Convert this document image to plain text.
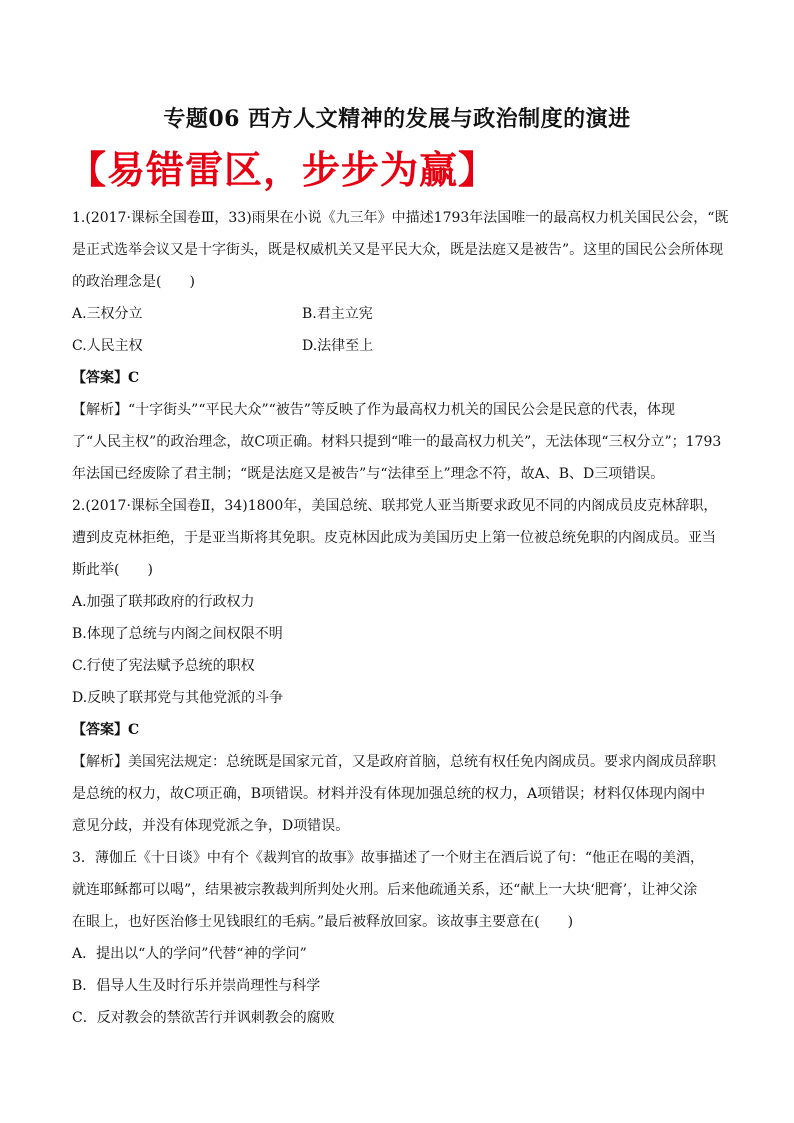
专题06 西方人文精神的发展与政治制度的演进
【易错雷区，步步为赢】
1.(2017·课标全国卷Ⅲ，33)雨果在小说《九三年》中描述1793年法国唯一的最高权力机关国民公会，“既
是正式选举会议又是十字街头，既是权威机关又是平民大众，既是法庭又是被告”。这里的国民公会所体现
的政治理念是(　　)
A.三权分立	B.君主立宪
C.人民主权	D.法律至上
【答案】C
【解析】“十字街头”“平民大众”“被告”等反映了作为最高权力机关的国民公会是民意的代表，体现
了“人民主权”的政治理念，故C项正确。材料只提到“唯一的最高权力机关”，无法体现“三权分立”；1793
年法国已经废除了君主制；“既是法庭又是被告”与“法律至上”理念不符，故A、B、D三项错误。
2.(2017·课标全国卷Ⅱ，34)1800年，美国总统、联邦党人亚当斯要求政见不同的内阁成员皮克林辞职，
遭到皮克林拒绝，于是亚当斯将其免职。皮克林因此成为美国历史上第一位被总统免职的内阁成员。亚当
斯此举(　　)
A.加强了联邦政府的行政权力
B.体现了总统与内阁之间权限不明
C.行使了宪法赋予总统的职权
D.反映了联邦党与其他党派的斗争
【答案】C
【解析】美国宪法规定：总统既是国家元首，又是政府首脑，总统有权任免内阁成员。要求内阁成员辞职
是总统的权力，故C项正确，B项错误。材料并没有体现加强总统的权力，A项错误；材料仅体现内阁中
意见分歧，并没有体现党派之争，D项错误。
3．薄伽丘《十日谈》中有个《裁判官的故事》故事描述了一个财主在酒后说了句：“他正在喝的美酒，
就连耶稣都可以喝”，结果被宗教裁判所判处火刑。后来他疏通关系，还“献上一大块‘肥膏’，让神父涂
在眼上，也好医治修士见钱眼红的毛病。”最后被释放回家。该故事主要意在(　　)
A．提出以“人的学问”代替“神的学问”
B．倡导人生及时行乐并崇尚理性与科学
C．反对教会的禁欲苦行并讽刺教会的腐败
